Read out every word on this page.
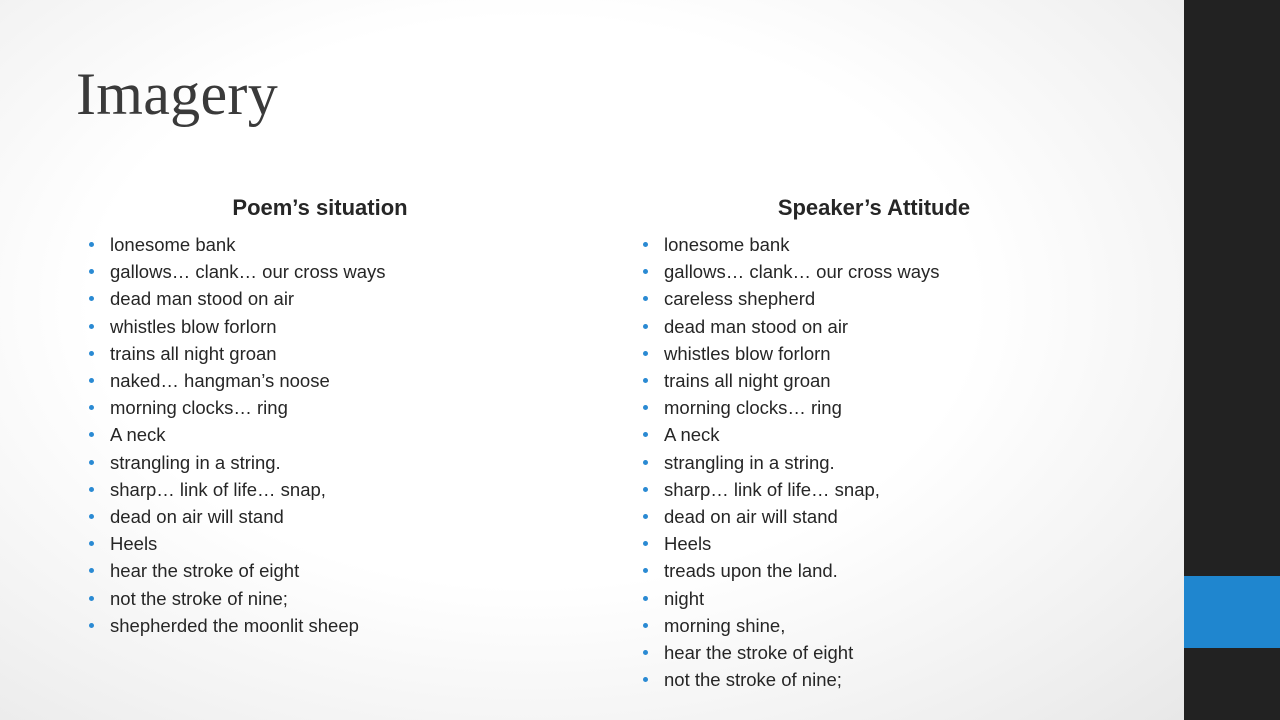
Imagery
Poem’s situation
lonesome bank
gallows… clank… our cross ways
dead man stood on air
whistles blow forlorn
trains all night groan
naked… hangman’s noose
morning clocks… ring
A neck
strangling in a string.
sharp… link of life… snap,
dead on air will stand
Heels
hear the stroke of eight
not the stroke of nine;
shepherded the moonlit sheep
Speaker’s Attitude
lonesome bank
gallows… clank… our cross ways
careless shepherd
dead man stood on air
whistles blow forlorn
trains all night groan
morning clocks… ring
A neck
strangling in a string.
sharp… link of life… snap,
dead on air will stand
Heels
treads upon the land.
night
morning shine,
hear the stroke of eight
not the stroke of nine;
